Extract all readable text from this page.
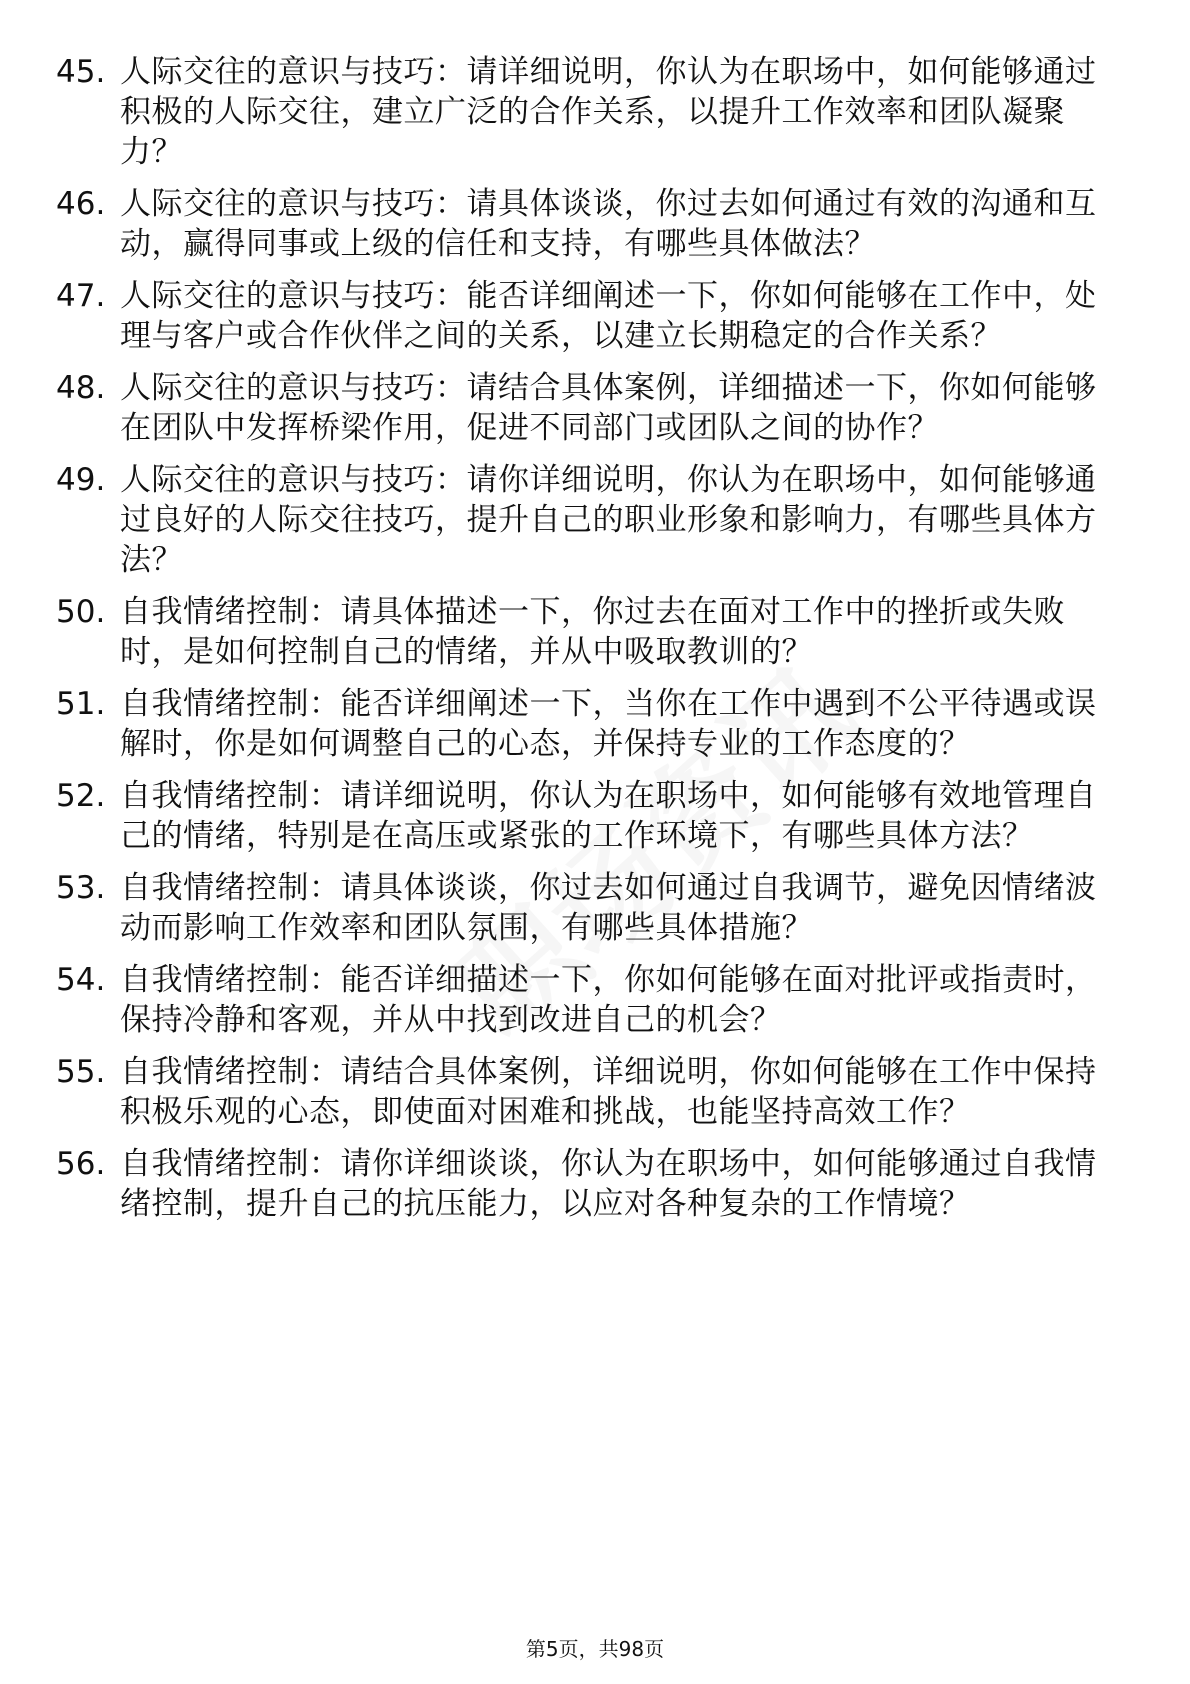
45. 人际交往的意识与技巧：请详细说明，你认为在职场中，如何能够通过积极的人际交往，建立广泛的合作关系，以提升工作效率和团队凝聚力？
46. 人际交往的意识与技巧：请具体谈谈，你过去如何通过有效的沟通和互动，赢得同事或上级的信任和支持，有哪些具体做法？
47. 人际交往的意识与技巧：能否详细阐述一下，你如何能够在工作中，处理与客户或合作伙伴之间的关系，以建立长期稳定的合作关系？
48. 人际交往的意识与技巧：请结合具体案例，详细描述一下，你如何能够在团队中发挥桥梁作用，促进不同部门或团队之间的协作？
49. 人际交往的意识与技巧：请你详细说明，你认为在职场中，如何能够通过良好的人际交往技巧，提升自己的职业形象和影响力，有哪些具体方法？
50. 自我情绪控制：请具体描述一下，你过去在面对工作中的挫折或失败时，是如何控制自己的情绪，并从中吸取教训的？
51. 自我情绪控制：能否详细阐述一下，当你在工作中遇到不公平待遇或误解时，你是如何调整自己的心态，并保持专业的工作态度的？
52. 自我情绪控制：请详细说明，你认为在职场中，如何能够有效地管理自己的情绪，特别是在高压或紧张的工作环境下，有哪些具体方法？
53. 自我情绪控制：请具体谈谈，你过去如何通过自我调节，避免因情绪波动而影响工作效率和团队氛围，有哪些具体措施？
54. 自我情绪控制：能否详细描述一下，你如何能够在面对批评或指责时，保持冷静和客观，并从中找到改进自己的机会？
55. 自我情绪控制：请结合具体案例，详细说明，你如何能够在工作中保持积极乐观的心态，即使面对困难和挑战，也能坚持高效工作？
56. 自我情绪控制：请你详细谈谈，你认为在职场中，如何能够通过自我情绪控制，提升自己的抗压能力，以应对各种复杂的工作情境？
第5页，共98页
